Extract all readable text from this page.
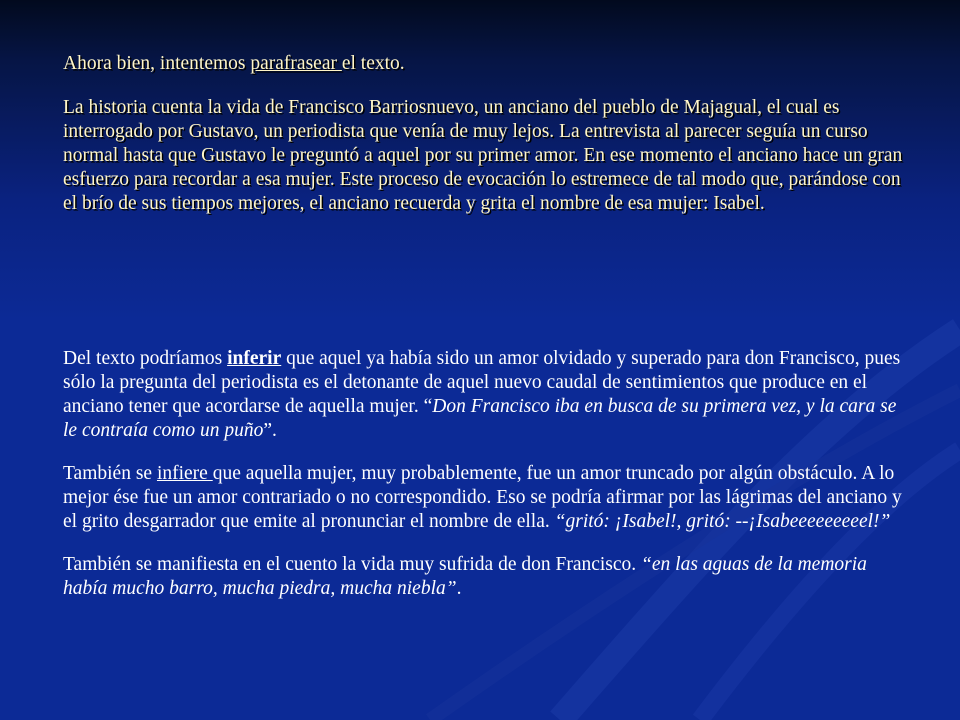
Ahora bien, intentemos parafrasear el texto.

La historia cuenta la vida de Francisco Barriosnuevo, un anciano del pueblo de Majagual, el cual es interrogado por Gustavo, un periodista que venía de muy lejos. La entrevista al parecer seguía un curso normal hasta que Gustavo le preguntó a aquel por su primer amor. En ese momento el anciano hace un gran esfuerzo para recordar a esa mujer. Este proceso de evocación lo estremece de tal modo que, parándose con el brío de sus tiempos mejores, el anciano recuerda y grita el nombre de esa mujer: Isabel.

Del texto podríamos inferir que aquel ya había sido un amor olvidado y superado para don Francisco, pues sólo la pregunta del periodista es el detonante de aquel nuevo caudal de sentimientos que produce en el anciano tener que acordarse de aquella mujer. “Don Francisco iba en busca de su primera vez, y la cara se le contraía como un puño”.

También se infiere que aquella mujer, muy probablemente, fue un amor truncado por algún obstáculo. A lo mejor ése fue un amor contrariado o no correspondido. Eso se podría afirmar por las lágrimas del anciano y el grito desgarrador que emite al pronunciar el nombre de ella. “gritó: ¡Isabel!, gritó: --¡Isabeeeeeeeeel!”

También se manifiesta en el cuento la vida muy sufrida de don Francisco. “en las aguas de la memoria había mucho barro, mucha piedra, mucha niebla”.
